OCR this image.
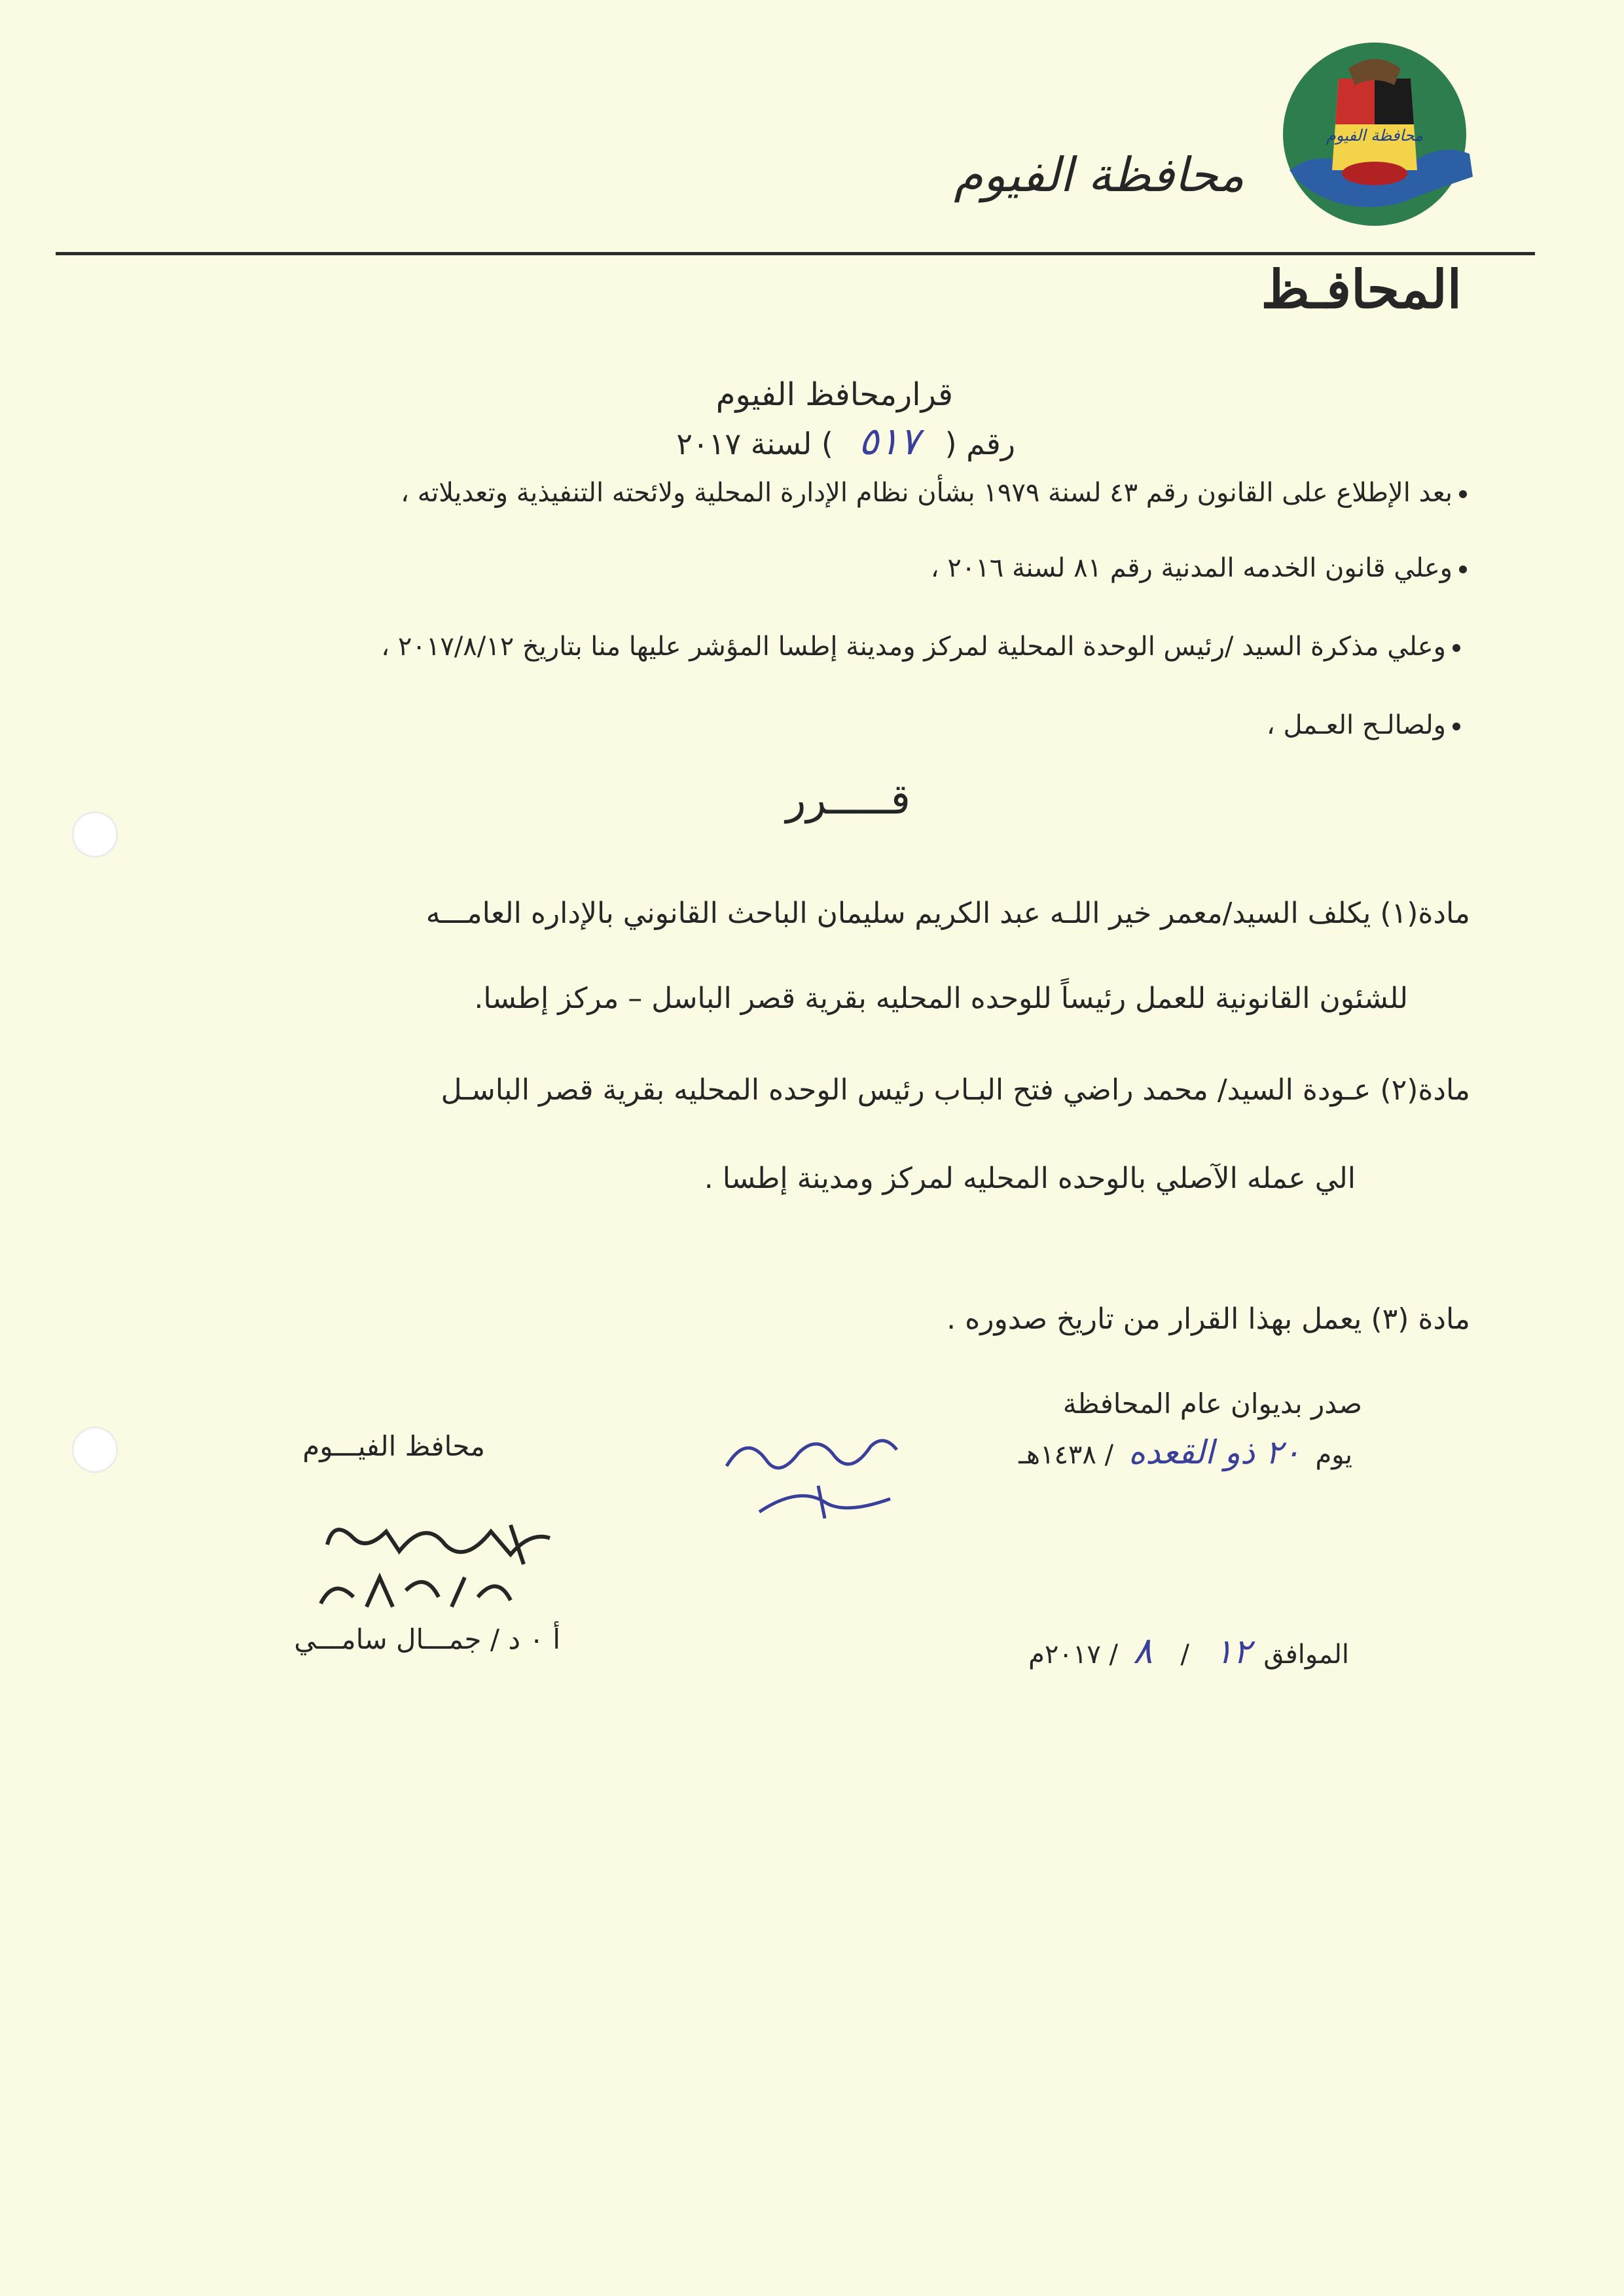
محافظة الفيوم
محافظة الفيوم
المحافـظ
قرارمحافظ الفيوم
رقم ( ٥١٧ ) لسنة ٢٠١٧
بعد الإطلاع على القانون رقم ٤٣ لسنة ١٩٧٩ بشأن نظام الإدارة المحلية ولائحته التنفيذية وتعديلاته ،
وعلي قانون الخدمه المدنية رقم ٨١ لسنة ٢٠١٦ ،
وعلي مذكرة السيد /رئيس الوحدة المحلية لمركز ومدينة إطسا المؤشر عليها منا بتاريخ ٢٠١٧/٨/١٢ ،
ولصالـح العـمل ،
قـــــرر
مادة(١) يكلف السيد/معمر خير اللـه عبد الكريم سليمان الباحث القانوني بالإداره العامـــه
للشئون القانونية للعمل رئيساً للوحده المحليه بقرية قصر الباسل – مركز إطسا.
مادة(٢) عـودة السيد/ محمد راضي فتح البـاب رئيس الوحده المحليه بقرية قصر الباسـل
الي عمله الآصلي بالوحده المحليه لمركز ومدينة إطسا .
مادة (٣) يعمل بهذا القرار من تاريخ صدوره .
صدر بديوان عام المحافظة
يوم ٢٠ ذو القعده / ١٤٣٨هـ
الموافق ١٢ / ٨ / ٢٠١٧م
محافظ الفيـــوم
أ ٠ د / جمـــال سامـــي
